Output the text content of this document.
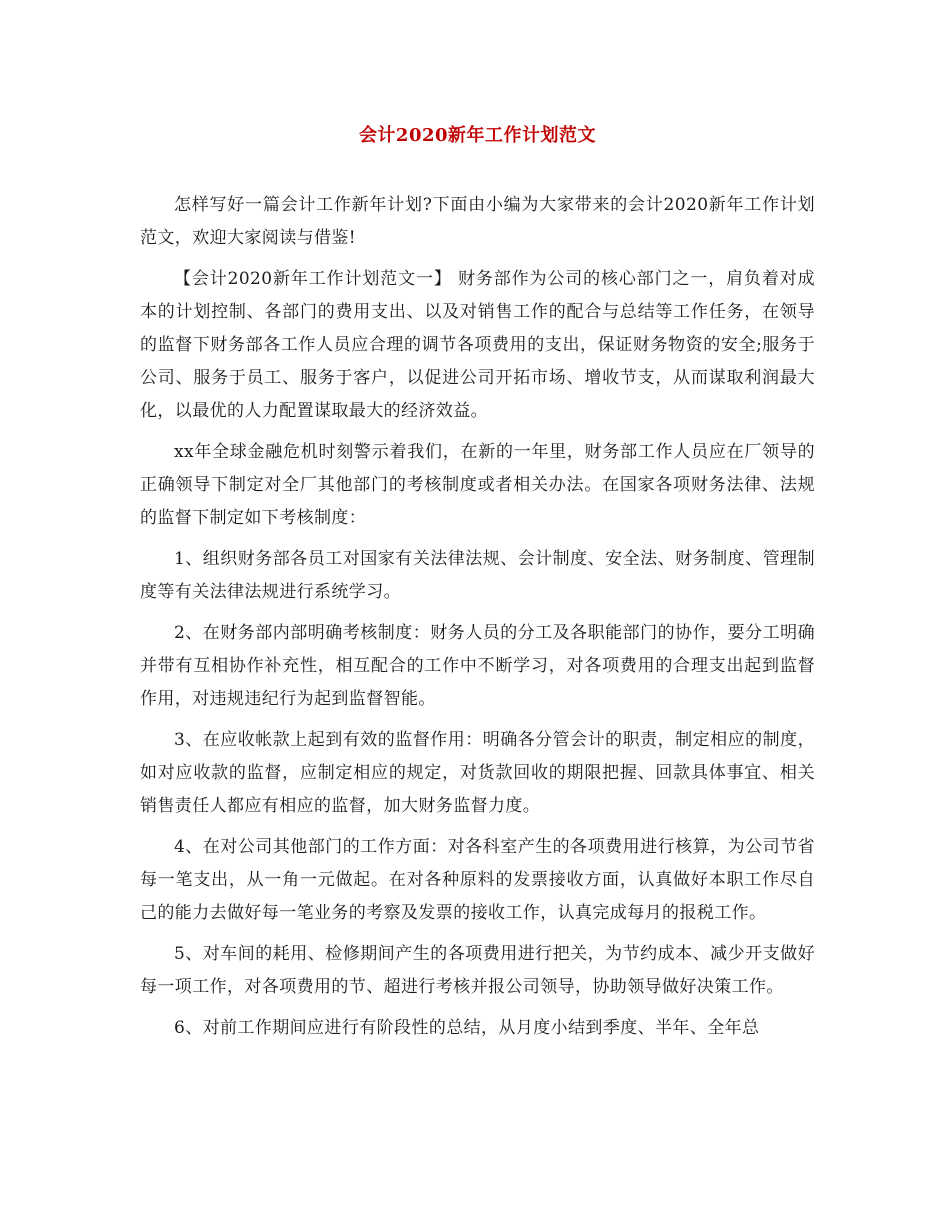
会计2020新年工作计划范文

怎样写好一篇会计工作新年计划?下面由小编为大家带来的会计2020新年工作计划范文，欢迎大家阅读与借鉴!

【会计2020新年工作计划范文一】 财务部作为公司的核心部门之一，肩负着对成本的计划控制、各部门的费用支出、以及对销售工作的配合与总结等工作任务，在领导的监督下财务部各工作人员应合理的调节各项费用的支出，保证财务物资的安全;服务于公司、服务于员工、服务于客户，以促进公司开拓市场、增收节支，从而谋取利润最大化，以最优的人力配置谋取最大的经济效益。

xx年全球金融危机时刻警示着我们，在新的一年里，财务部工作人员应在厂领导的正确领导下制定对全厂其他部门的考核制度或者相关办法。在国家各项财务法律、法规的监督下制定如下考核制度：

1、组织财务部各员工对国家有关法律法规、会计制度、安全法、财务制度、管理制度等有关法律法规进行系统学习。

2、在财务部内部明确考核制度：财务人员的分工及各职能部门的协作，要分工明确并带有互相协作补充性，相互配合的工作中不断学习，对各项费用的合理支出起到监督作用，对违规违纪行为起到监督智能。

3、在应收帐款上起到有效的监督作用：明确各分管会计的职责，制定相应的制度，如对应收款的监督，应制定相应的规定，对货款回收的期限把握、回款具体事宜、相关销售责任人都应有相应的监督，加大财务监督力度。

4、在对公司其他部门的工作方面：对各科室产生的各项费用进行核算，为公司节省每一笔支出，从一角一元做起。在对各种原料的发票接收方面，认真做好本职工作尽自己的能力去做好每一笔业务的考察及发票的接收工作，认真完成每月的报税工作。

5、对车间的耗用、检修期间产生的各项费用进行把关，为节约成本、减少开支做好每一项工作，对各项费用的节、超进行考核并报公司领导，协助领导做好决策工作。

6、对前工作期间应进行有阶段性的总结，从月度小结到季度、半年、全年总
